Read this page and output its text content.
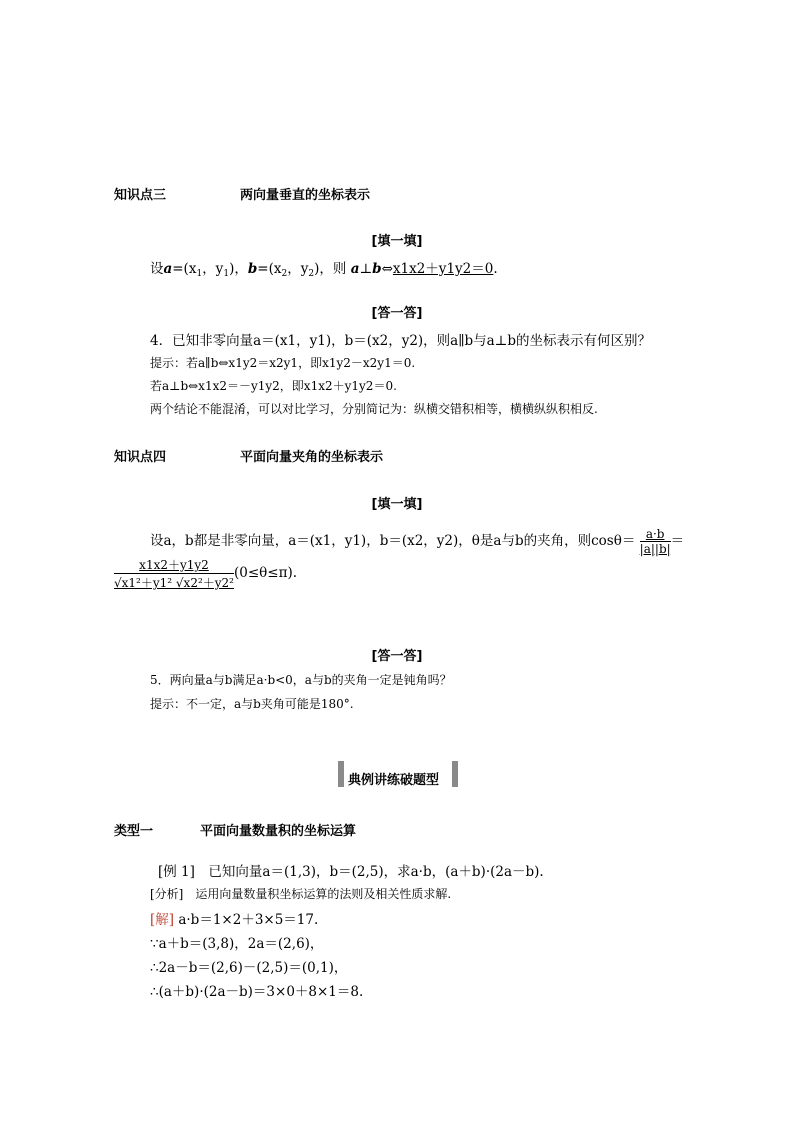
知识点三	两向量垂直的坐标表示
[填一填]
设$a=(x_1$，$y_1$)，$b=(x_2$，$y_2$)，则 a⊥b⇔x1x2＋y1y2＝0.
[答一答]
4．已知非零向量a＝(x1，y1)，b＝(x2，y2)，则a∥b与a⊥b的坐标表示有何区别？
提示：若a∥b⇔x1y2＝x2y1，即x1y2－x2y1＝0.
若a⊥b⇔x1x2＝－y1y2，即x1x2＋y1y2＝0.
两个结论不能混淆，可以对比学习，分别简记为：纵横交错积相等，横横纵纵积相反.
知识点四	平面向量夹角的坐标表示
[填一填]
设a，b都是非零向量，a＝(x1，y1)，b＝(x2，y2)，θ是a与b的夹角，则$\cos\theta= \frac{a\cdot b}{|a||b|}$ ＝
$\frac{x1x2+y1y2}{\text{√x1²＋y1² √x2²＋y2²}} (0\le\theta\le\pi)$.
[答一答]
5．两向量a与b满足a·b<0，a与b的夹角一定是钝角吗？
提示：不一定，a与b夹角可能是180°.
典例讲练破题型
类型一	平面向量数量积的坐标运算
[例 1]　已知向量a＝(1,3)，b＝(2,5)，求a·b，(a＋b)·(2a－b).
[分析]　运用向量数量积坐标运算的法则及相关性质求解.
[解] a·b＝1×2＋3×5＝17.
∵a＋b＝(3,8)，2a＝(2,6)，
∴2a－b＝(2,6)－(2,5)＝(0,1)，
∴(a＋b)·(2a－b)＝3×0＋8×1＝8.
